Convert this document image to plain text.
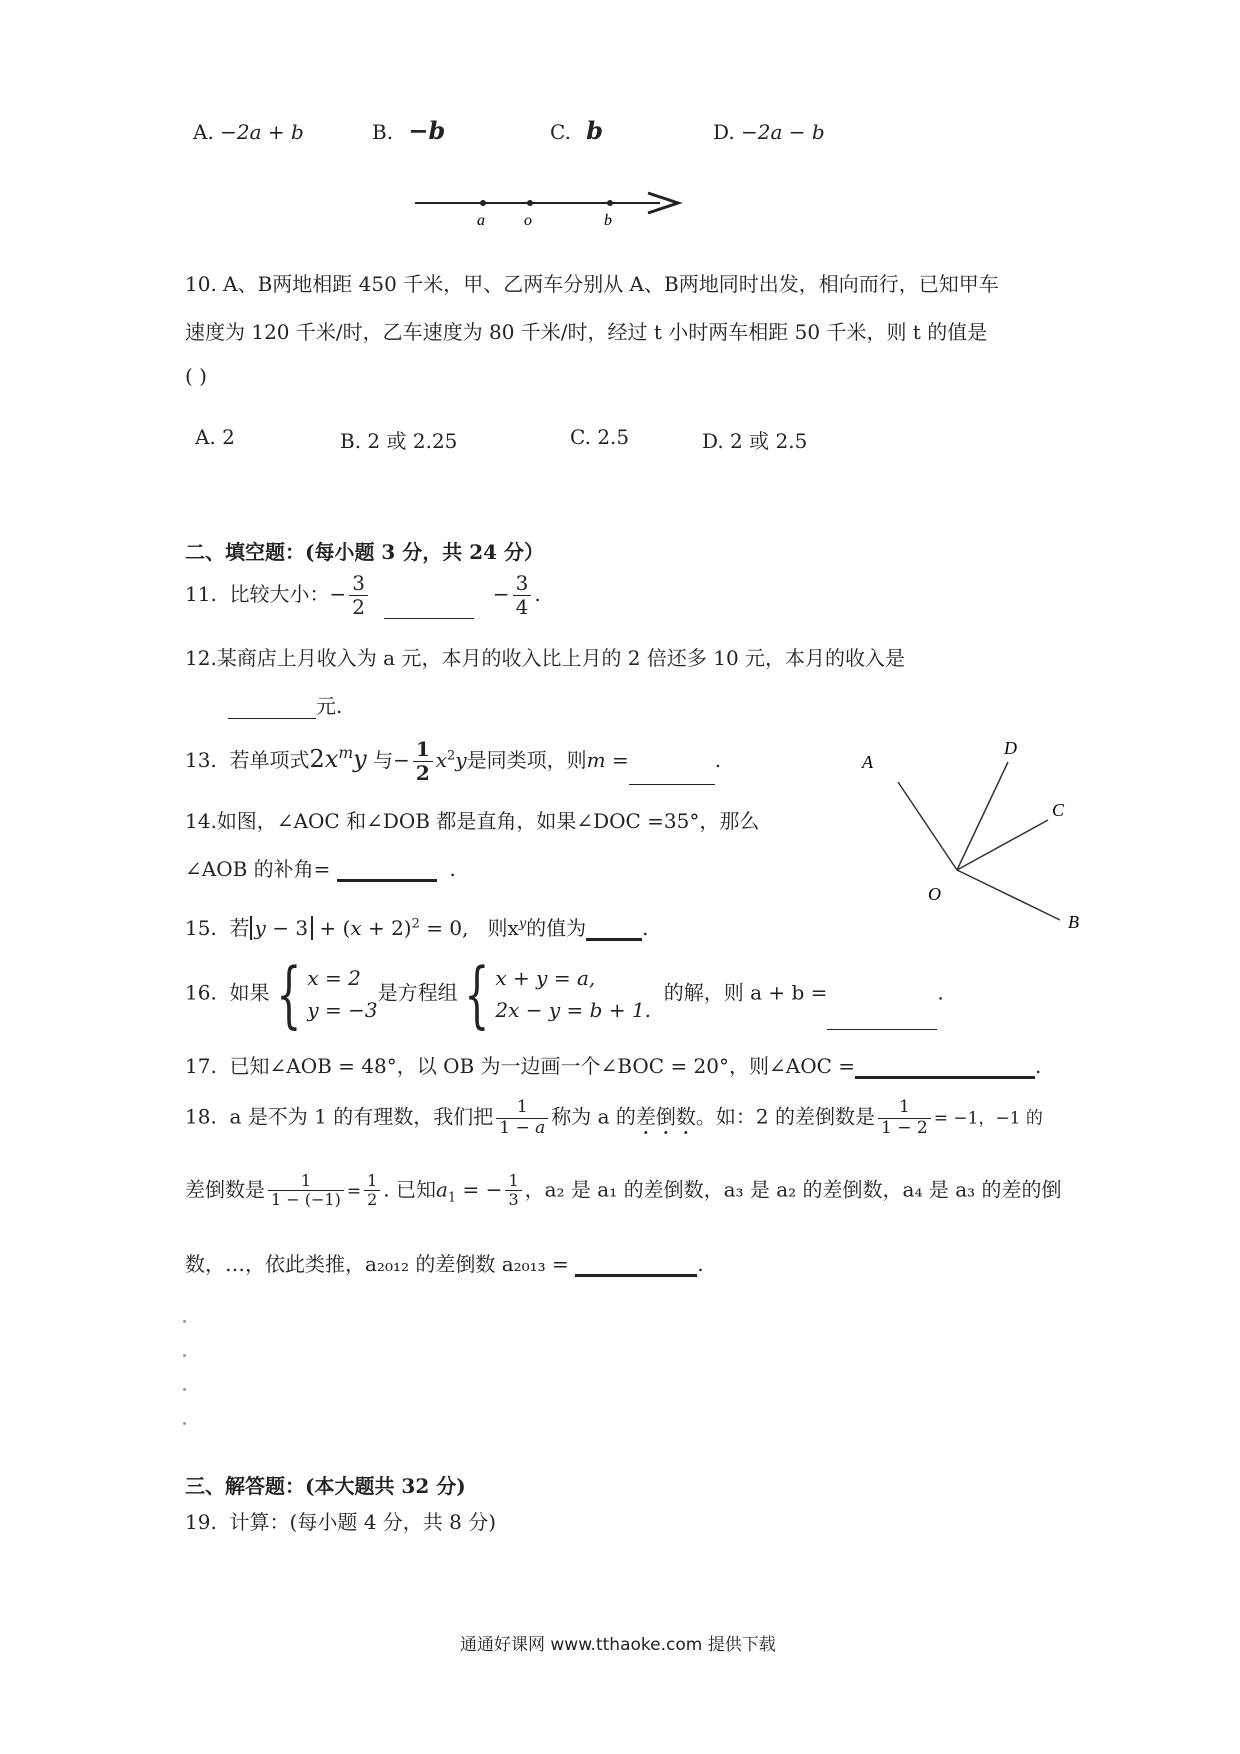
A. −2a + b	B. −b	C. b	D. −2a − b
a o	b
10. A、B两地相距 450 千米，甲、乙两车分别从 A、B两地同时出发，相向而行，已知甲车
速度为 120 千米/时，乙车速度为 80 千米/时，经过 t 小时两车相距 50 千米，则 t 的值是
( )
A. 2	B. 2 或 2.25	C. 2.5	D. 2 或 2.5
二、填空题：(每小题 3 分，共 24 分）
11. 比较大小：− $\frac{3}{2}$	− $\frac{3}{4}$ .
12.某商店上月收入为 a 元，本月的收入比上月的 2 倍还多 10 元，本月的收入是
元.
13. 若单项式$2x^my$ 与− $\frac{1}{2} x^2y$是同类项，则m =	.
14.如图，∠AOC 和∠DOB 都是直角，如果∠DOC =35°，那么
∠AOB 的补角=	.
A
D
C
O
B
15. 若 $y - 3 + (x + 2)^2 = 0$,   则$x^y$的值为	.
16. 如果{ x = 2
y = −3是方程组{ x + y = a,
2x − y = b + 1.  的解，则 a + b =	.
17. 已知∠AOB = 48°，以 OB 为一边画一个∠BOC = 20°，则∠AOC =	.
18. a 是不为 1 的有理数，我们把 $\frac{1}{1 - a}$ 称为 a 的差倒数。如：2 的差倒数是 $\frac{1}{1 - 2} = -1$，−1 的
差倒数是 $\frac{1}{1 - (-1)} = \frac{1}{2}$ . 已知$a_1$ = − $\frac{1}{3}$ ，a₂ 是 a₁ 的差倒数，a₃ 是 a₂ 的差倒数，a₄ 是 a₃ 的差的倒
数，…，依此类推，a₂₀₁₂ 的差倒数 a₂₀₁₃ =	.
三、解答题：(本大题共 32 分)
19. 计算：(每小题 4 分，共 8 分)
通通好课网 www.tthaoke.com 提供下载
